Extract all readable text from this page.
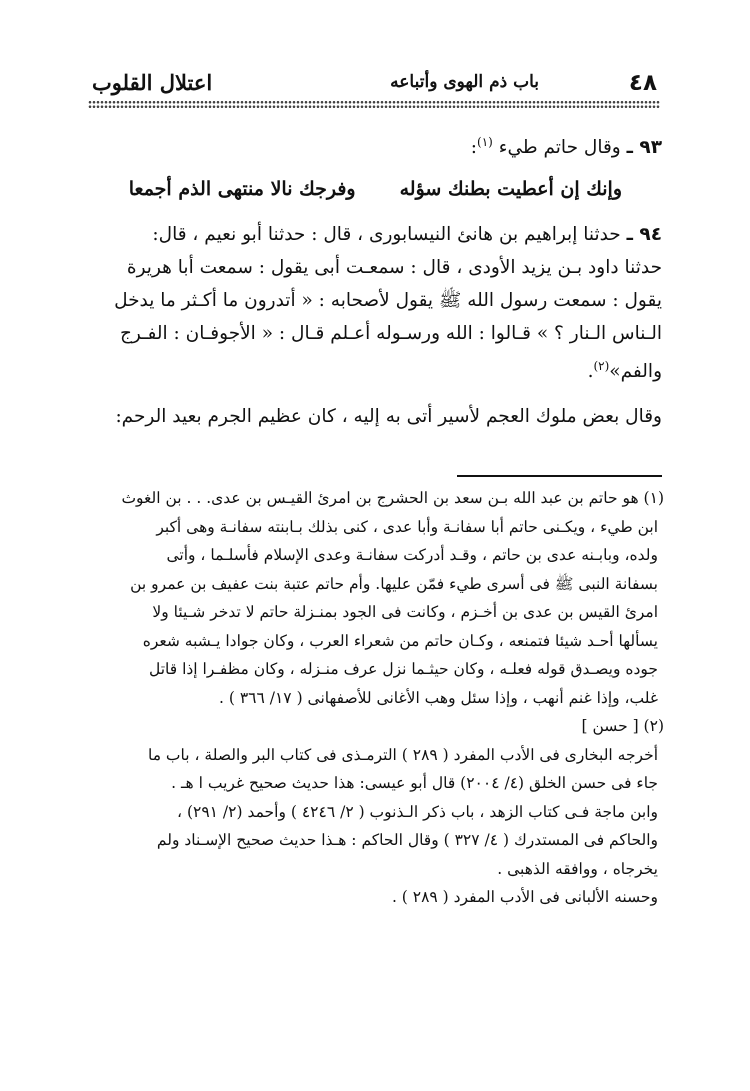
٤٨
باب ذم الهوى وأتباعه
اعتلال القلوب
٩٣ ـ وقال حاتم طيء $^{(١)}$:
وإنك إن أعطيت بطنك سؤلهوفرجك نالا منتهى الذم أجمعا
٩٤ ـ حدثنا إبراهيم بن هانئ النيسابورى ، قال : حدثنا أبو نعيم ، قال:
حدثنا داود بـن يزيد الأودى ، قال : سمعـت أبى يقول : سمعت أبا هريرة
يقول : سمعت رسول الله ﷺ يقول لأصحابه : « أتدرون ما أكـثر ما يدخل
الـناس الـنار ؟ » قـالوا : الله ورسـوله أعـلم قـال : « الأجوفـان : الفـرج
والفم»$^{(٢)}$.
وقال بعض ملوك العجم لأسير أتى به إليه ، كان عظيم الجرم بعيد الرحم:
(١) هو حاتم بن عبد الله بـن سعد بن الحشرج بن امرئ القيـس بن عدى. . . بن الغوث
ابن طيء ، ويكـنى حاتم أبا سفانـة وأبا عدى ، كنى بذلك بـابنته سفانـة وهى أكبر
ولده، وبابـنه عدى بن حاتم ، وقـد أدركت سفانـة وعدى الإسلام فأسلـما ، وأتى
بسفانة النبى ﷺ فى أسرى طيء فمّن عليها. وأم حاتم عتبة بنت عفيف بن عمرو بن
امرئ القيس بن عدى بن أخـزم ، وكانت فى الجود بمنـزلة حاتم لا تدخر شـيئا ولا
يسألها أحـد شيئا فتمنعه ، وكـان حاتم من شعراء العرب ، وكان جوادا يـشبه شعره
جوده ويصـدق قوله فعلـه ، وكان حيثـما نزل عرف منـزله ، وكان مظفـرا إذا قاتل
غلب، وإذا غنم أنهب ، وإذا سئل وهب الأغانى للأصفهانى ( ١٧/ ٣٦٦ ) .
(٢) [ حسن ]
أخرجه البخارى فى الأدب المفرد ( ٢٨٩ ) الترمـذى فى كتاب البر والصلة ، باب ما
جاء فى حسن الخلق (٤/ ٢٠٠٤) قال أبو عيسى: هذا حديث صحيح غريب ا هـ .
وابن ماجة فـى كتاب الزهد ، باب ذكر الـذنوب ( ٢/ ٤٢٤٦ ) وأحمد (٢/ ٢٩١) ،
والحاكم فى المستدرك ( ٤/ ٣٢٧ ) وقال الحاكم : هـذا حديث صحيح الإسـناد ولم
يخرجاه ، ووافقه الذهبى .
وحسنه الألبانى فى الأدب المفرد ( ٢٨٩ ) .
